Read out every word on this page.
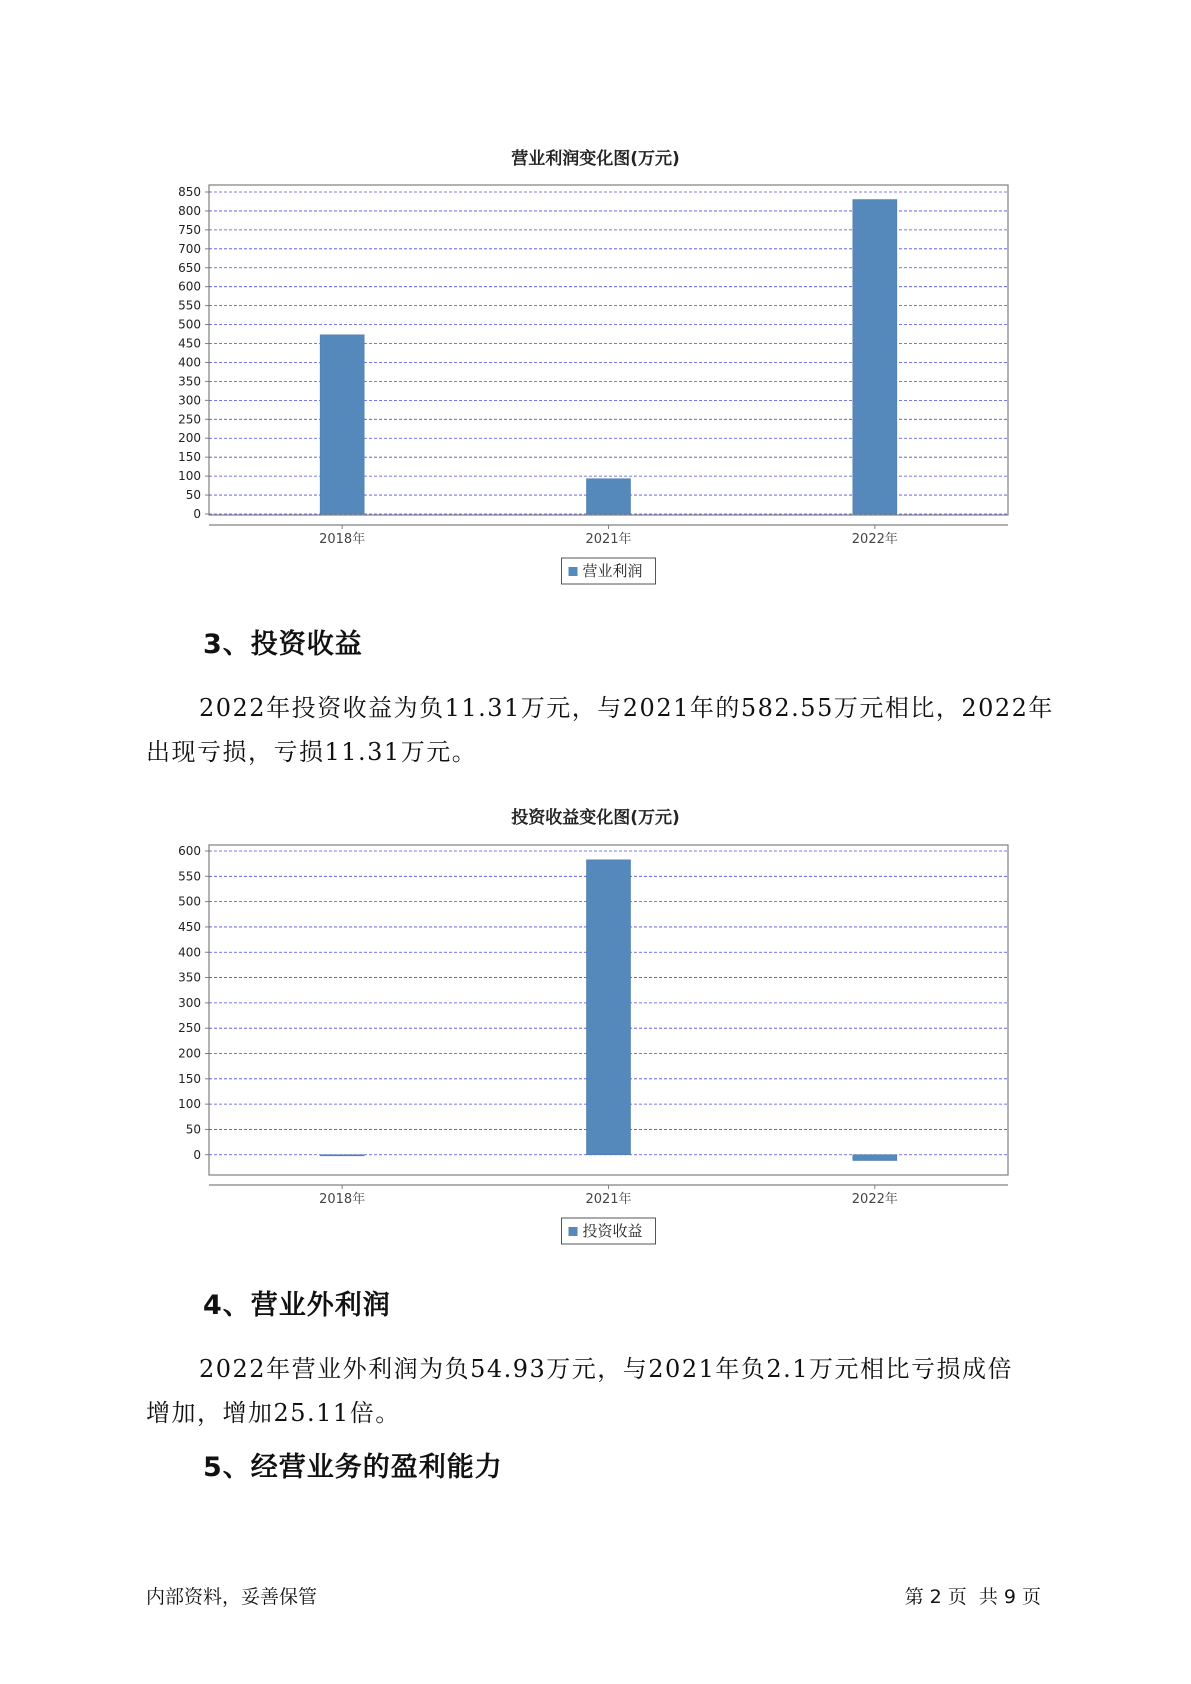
营业利润变化图(万元)
0
50
100
150
200
250
300
350
400
450
500
550
600
650
700
750
800
850
2018年	2021年	2022年
营业利润
3、投资收益
2022年投资收益为负11.31万元，与2021年的582.55万元相比，2022年
出现亏损，亏损11.31万元。
投资收益变化图(万元)
0
50
100
150
200
250
300
350
400
450
500
550
600
2018年	2021年	2022年
投资收益
4、营业外利润
2022年营业外利润为负54.93万元，与2021年负2.1万元相比亏损成倍
增加，增加25.11倍。
5、经营业务的盈利能力
内部资料，妥善保管	第 2 页  共 9 页
